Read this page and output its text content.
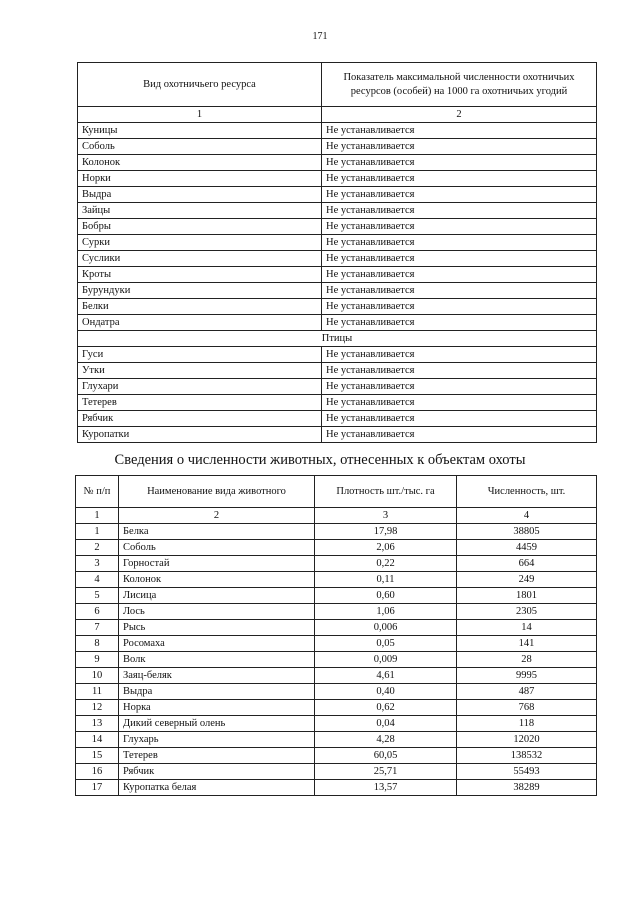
171
Вид охотничьего ресурса	Показатель максимальной численности охотничьих ресурсов (особей) на 1000 га охотничьих угодий
1	2
Куницы	Не устанавливается
Соболь	Не устанавливается
Колонок	Не устанавливается
Норки	Не устанавливается
Выдра	Не устанавливается
Зайцы	Не устанавливается
Бобры	Не устанавливается
Сурки	Не устанавливается
Суслики	Не устанавливается
Кроты	Не устанавливается
Бурундуки	Не устанавливается
Белки	Не устанавливается
Ондатра	Не устанавливается
Птицы	
Гуси	Не устанавливается
Утки	Не устанавливается
Глухари	Не устанавливается
Тетерев	Не устанавливается
Рябчик	Не устанавливается
Куропатки	Не устанавливается
Сведения о численности животных, отнесенных к объектам охоты
№ п/п	Наименование вида животного	Плотность шт./тыс. га	Численность, шт.
1	2	3	4
1	Белка	17,98	38805
2	Соболь	2,06	4459
3	Горностай	0,22	664
4	Колонок	0,11	249
5	Лисица	0,60	1801
6	Лось	1,06	2305
7	Рысь	0,006	14
8	Росомаха	0,05	141
9	Волк	0,009	28
10	Заяц-беляк	4,61	9995
11	Выдра	0,40	487
12	Норка	0,62	768
13	Дикий северный олень	0,04	118
14	Глухарь	4,28	12020
15	Тетерев	60,05	138532
16	Рябчик	25,71	55493
17	Куропатка белая	13,57	38289
